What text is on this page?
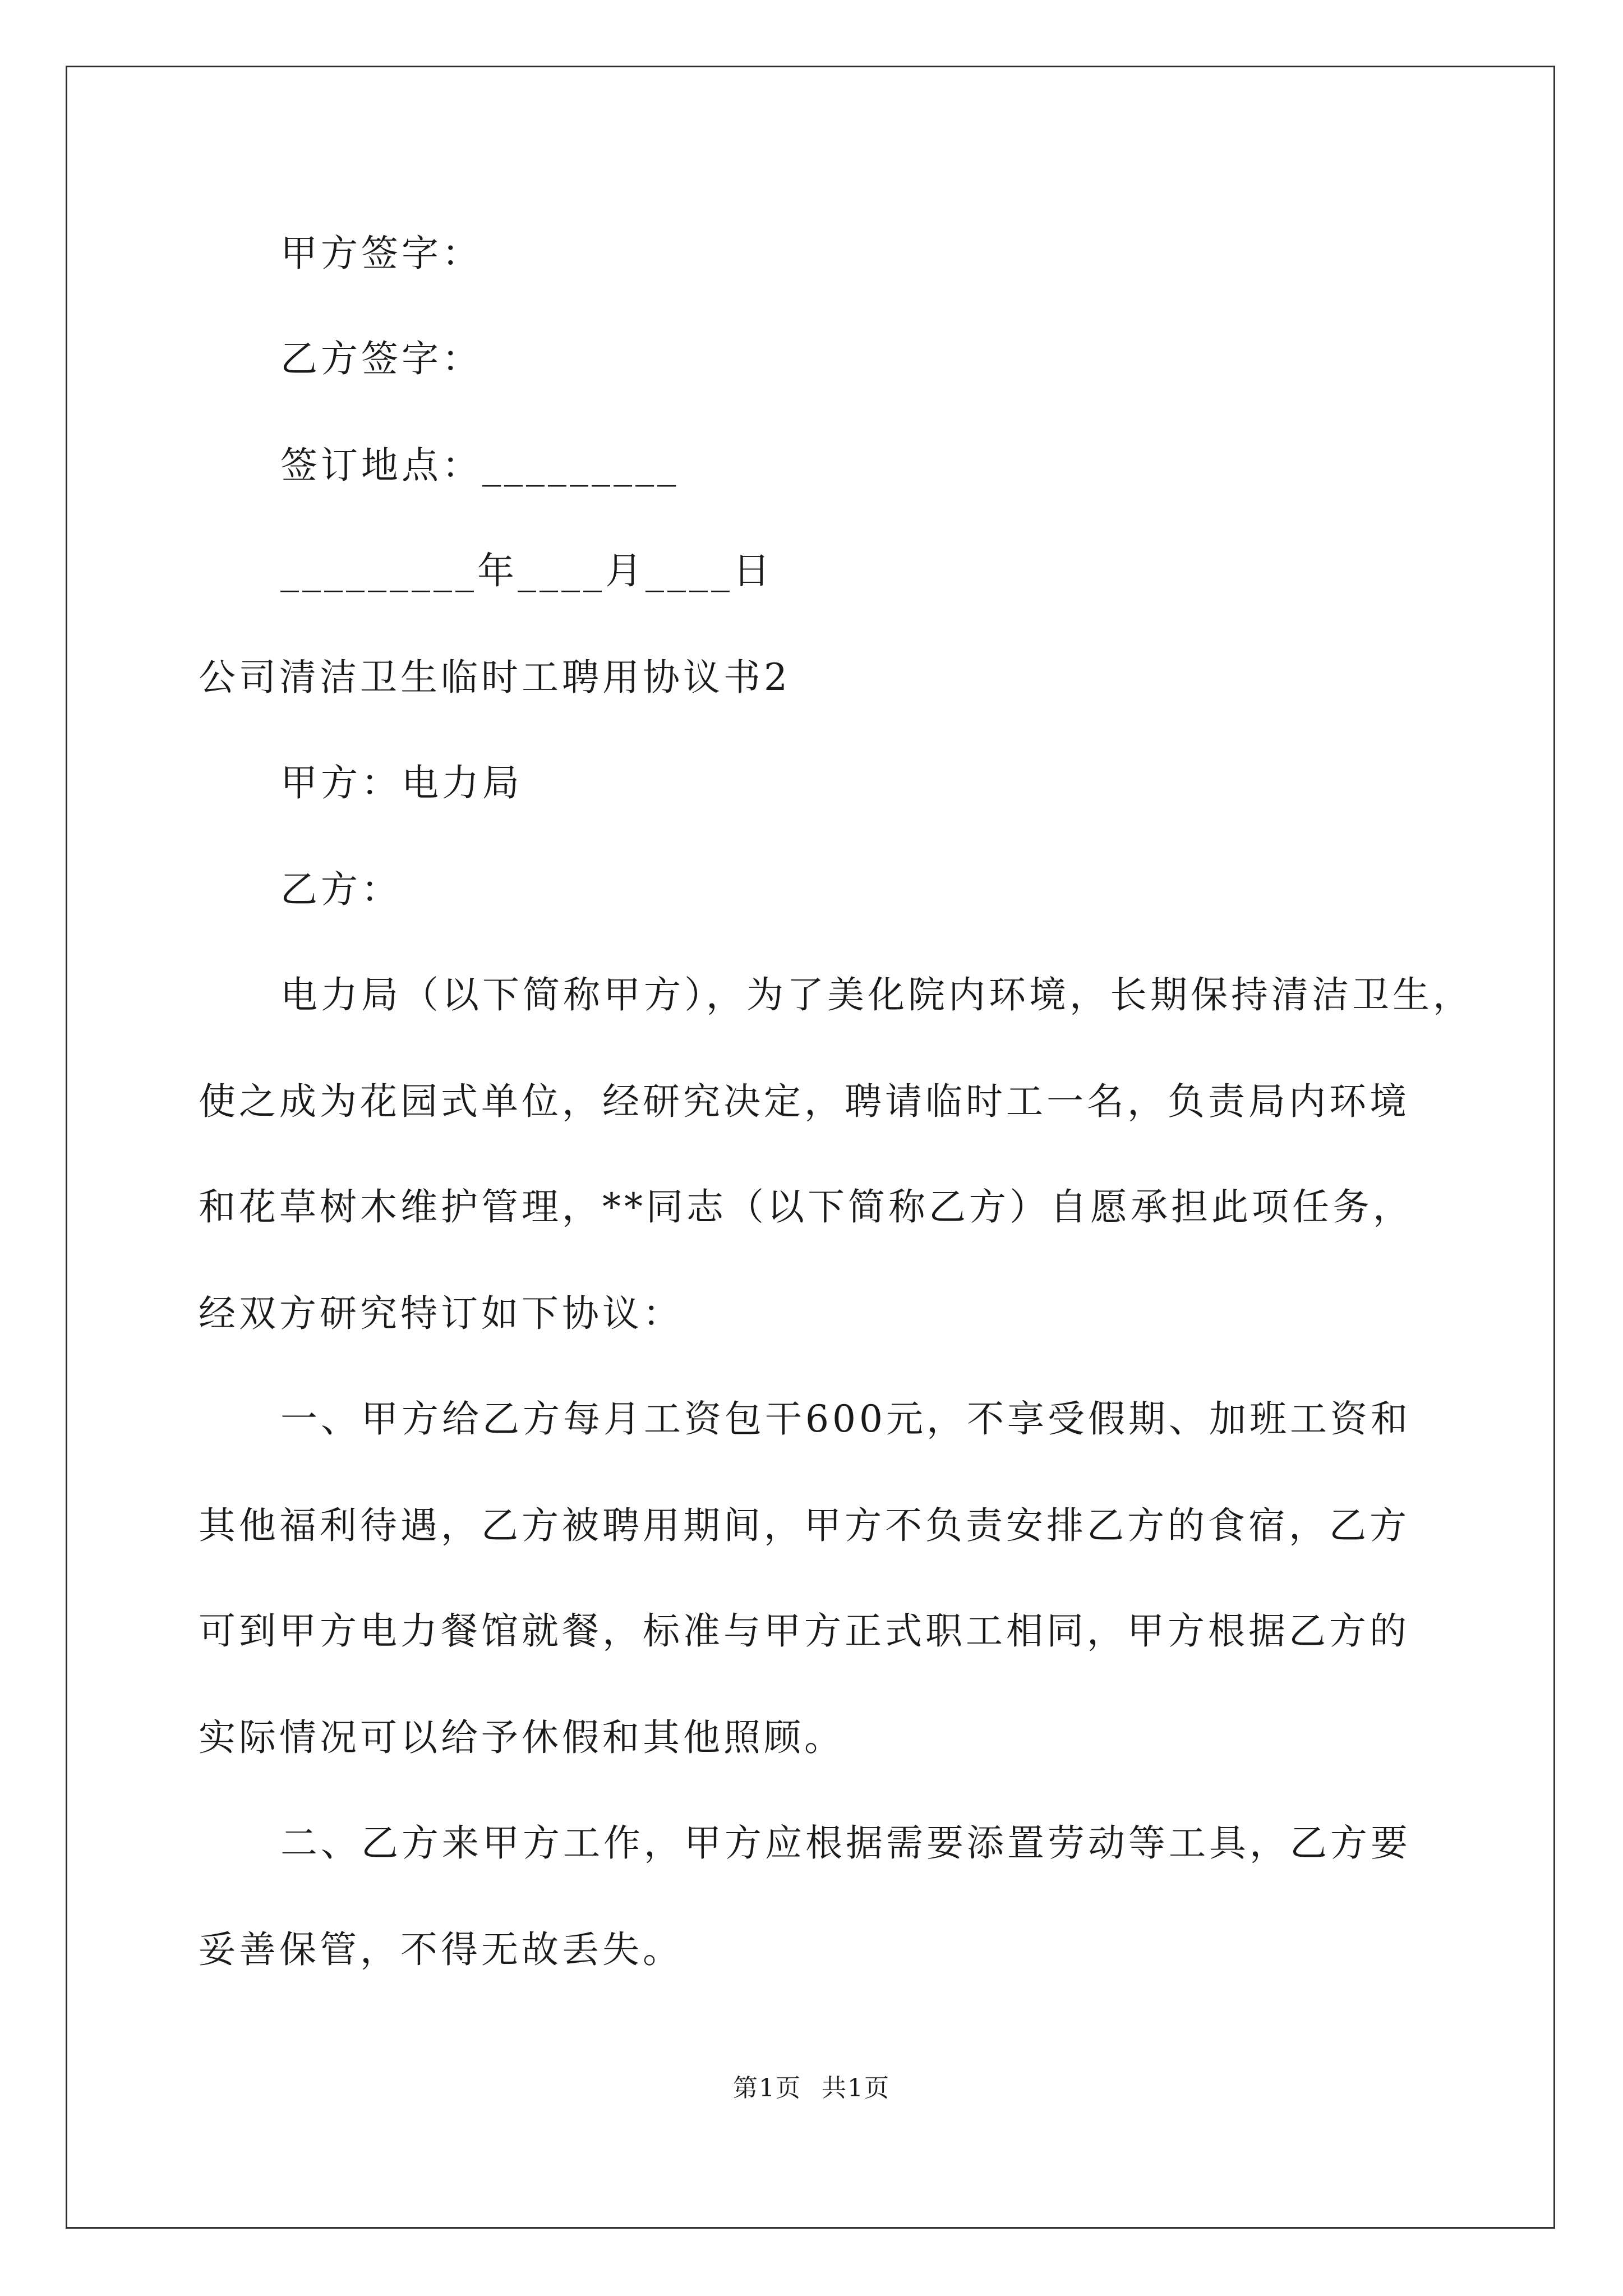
甲方签字：
乙方签字：
签订地点：_________
_________年____月____日
公司清洁卫生临时工聘用协议书2
甲方：电力局
乙方：
电力局（以下简称甲方），为了美化院内环境，长期保持清洁卫生，
使之成为花园式单位，经研究决定，聘请临时工一名，负责局内环境
和花草树木维护管理，**同志（以下简称乙方）自愿承担此项任务，
经双方研究特订如下协议：
一、甲方给乙方每月工资包干600元，不享受假期、加班工资和
其他福利待遇，乙方被聘用期间，甲方不负责安排乙方的食宿，乙方
可到甲方电力餐馆就餐，标准与甲方正式职工相同，甲方根据乙方的
实际情况可以给予休假和其他照顾。
二、乙方来甲方工作，甲方应根据需要添置劳动等工具，乙方要
妥善保管，不得无故丢失。
第1页 共1页
